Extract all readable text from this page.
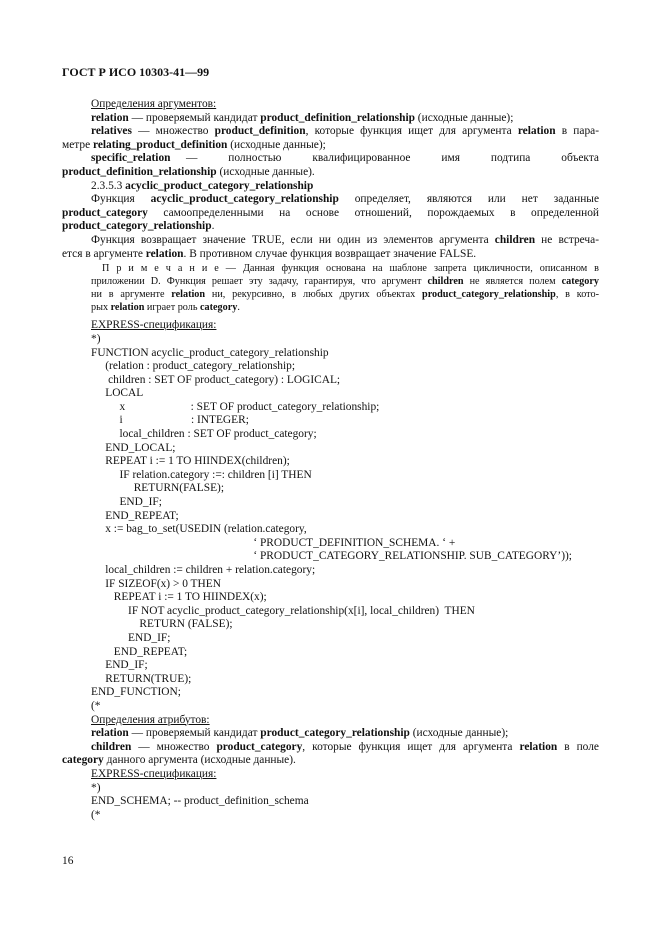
ГОСТ Р ИСО 10303-41—99
Определения аргументов:
relation — проверяемый кандидат product_definition_relationship (исходные данные);
relatives — множество product_definition, которые функция ищет для аргумента relation в пара-
метре relating_product_definition (исходные данные);
specific_relation —  полностью  квалифицированное  имя  подтипа  объекта
product_definition_relationship (исходные данные).
2.3.5.3 acyclic_product_category_relationship
Функция  acyclic_product_category_relationship  определяет,  являются  или  нет  заданные
product_category самоопределенными на основе отношений, порождаемых в определенной
product_category_relationship.
Функция возвращает значение TRUE, если ни один из элементов аргумента children не встреча-
ется в аргументе relation. В противном случае функция возвращает значение FALSE.
П р и м е ч а н и е — Данная функция основана на шаблоне запрета цикличности, описанном в
приложении D. Функция решает эту задачу, гарантируя, что аргумент children не является полем category
ни в аргументе relation ни, рекурсивно, в любых других объектах product_category_relationship, в кото-
рых relation играет роль category.
EXPRESS-спецификация:
*)
FUNCTION acyclic_product_category_relationship
(relation : product_category_relationship;
children : SET OF product_category) : LOGICAL;
LOCAL
x                       : SET OF product_category_relationship;
i                        : INTEGER;
local_children : SET OF product_category;
END_LOCAL;
REPEAT i := 1 TO HIINDEX(children);
IF relation.category :=: children [i] THEN
RETURN(FALSE);
END_IF;
END_REPEAT;
x := bag_to_set(USEDIN (relation.category,
‘ PRODUCT_DEFINITION_SCHEMA. ‘ +
‘ PRODUCT_CATEGORY_RELATIONSHIP. SUB_CATEGORY’));
local_children := children + relation.category;
IF SIZEOF(x) > 0 THEN
REPEAT i := 1 TO HIINDEX(x);
IF NOT acyclic_product_category_relationship(x[i], local_children)  THEN
RETURN (FALSE);
END_IF;
END_REPEAT;
END_IF;
RETURN(TRUE);
END_FUNCTION;
(*
Определения атрибутов:
relation — проверяемый кандидат product_category_relationship (исходные данные);
children — множество product_category, которые функция ищет для аргумента relation в поле
category данного аргумента (исходные данные).
EXPRESS-спецификация:
*)
END_SCHEMA; -- product_definition_schema
(*
16
